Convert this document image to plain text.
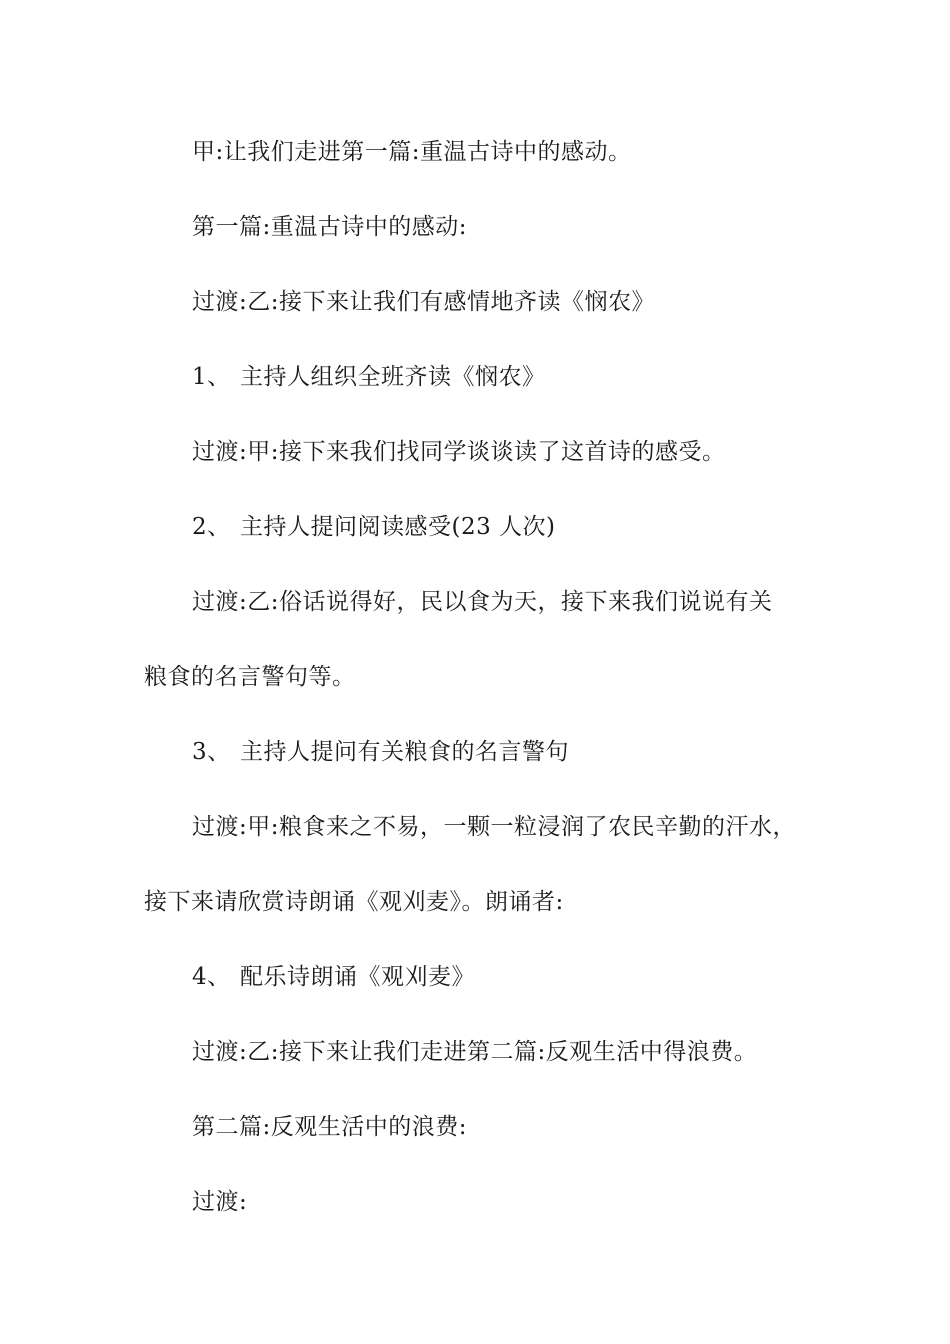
甲:让我们走进第一篇:重温古诗中的感动。
第一篇:重温古诗中的感动:
过渡:乙:接下来让我们有感情地齐读《悯农》
1、 主持人组织全班齐读《悯农》
过渡:甲:接下来我们找同学谈谈读了这首诗的感受。
2、 主持人提问阅读感受(23 人次)
过渡:乙:俗话说得好，民以食为天，接下来我们说说有关
粮食的名言警句等。
3、 主持人提问有关粮食的名言警句
过渡:甲:粮食来之不易，一颗一粒浸润了农民辛勤的汗水，
接下来请欣赏诗朗诵《观刈麦》。朗诵者:
4、 配乐诗朗诵《观刈麦》
过渡:乙:接下来让我们走进第二篇:反观生活中得浪费。
第二篇:反观生活中的浪费:
过渡:
